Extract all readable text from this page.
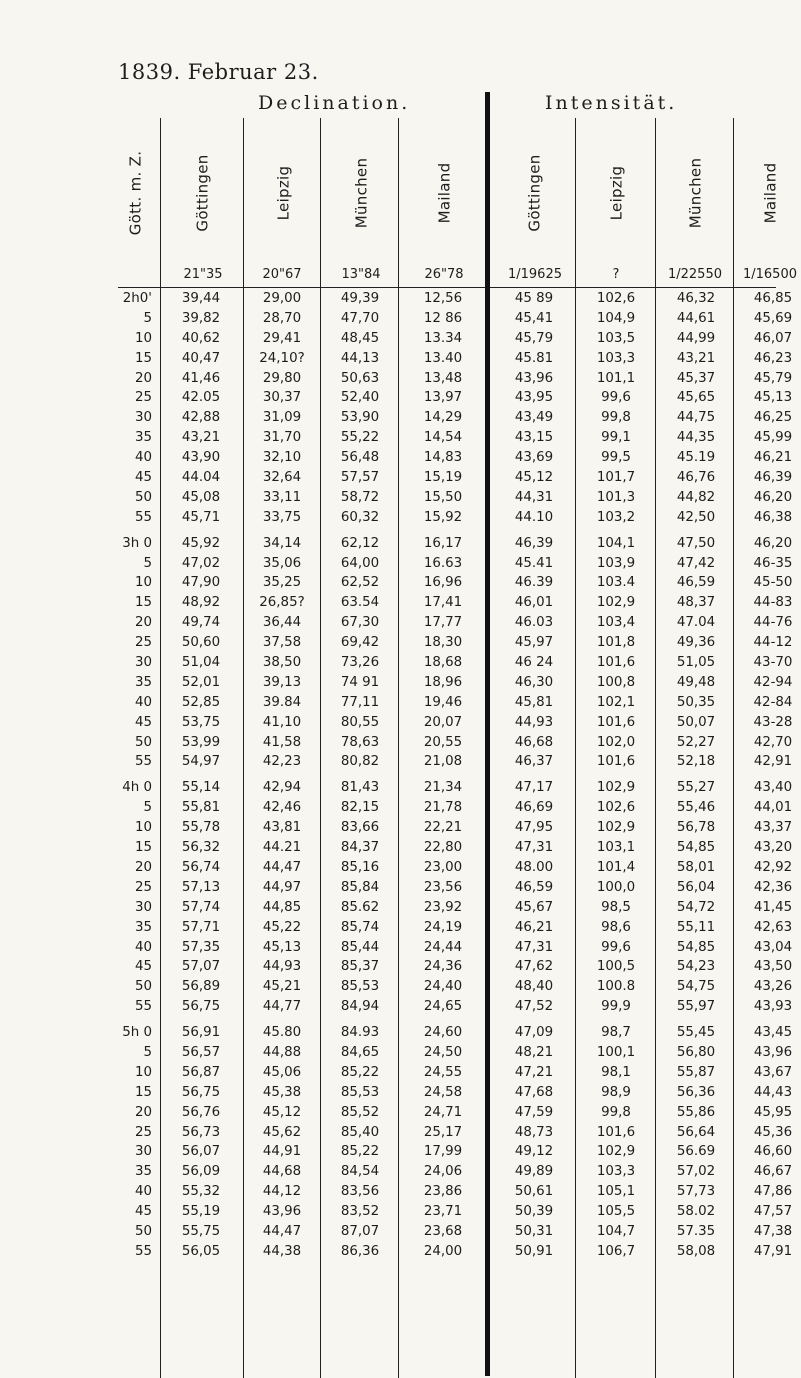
1839. Februar 23.
Declination.	Intensität.
Gött. m. Z.	Göttingen	Leipzig	München	Mailand	Göttingen	Leipzig	München	Mailand
21"35	20"67	13"84	26"78	1/19625	?	1/22550	1/16500
2h0'	39,44	29,00	49,39	12,56	45 89	102,6	46,32	46,85
5	39,82	28,70	47,70	12 86	45,41	104,9	44,61	45,69
10	40,62	29,41	48,45	13.34	45,79	103,5	44,99	46,07
15	40,47	24,10?	44,13	13.40	45.81	103,3	43,21	46,23
20	41,46	29,80	50,63	13,48	43,96	101,1	45,37	45,79
25	42.05	30,37	52,40	13,97	43,95	99,6	45,65	45,13
30	42,88	31,09	53,90	14,29	43,49	99,8	44,75	46,25
35	43,21	31,70	55,22	14,54	43,15	99,1	44,35	45,99
40	43,90	32,10	56,48	14,83	43,69	99,5	45.19	46,21
45	44.04	32,64	57,57	15,19	45,12	101,7	46,76	46,39
50	45,08	33,11	58,72	15,50	44,31	101,3	44,82	46,20
55	45,71	33,75	60,32	15,92	44.10	103,2	42,50	46,38
3h 0	45,92	34,14	62,12	16,17	46,39	104,1	47,50	46,20
5	47,02	35,06	64,00	16.63	45.41	103,9	47,42	46-35
10	47,90	35,25	62,52	16,96	46.39	103.4	46,59	45-50
15	48,92	26,85?	63.54	17,41	46,01	102,9	48,37	44-83
20	49,74	36,44	67,30	17,77	46.03	103,4	47.04	44-76
25	50,60	37,58	69,42	18,30	45,97	101,8	49,36	44-12
30	51,04	38,50	73,26	18,68	46 24	101,6	51,05	43-70
35	52,01	39,13	74 91	18,96	46,30	100,8	49,48	42-94
40	52,85	39.84	77,11	19,46	45,81	102,1	50,35	42-84
45	53,75	41,10	80,55	20,07	44,93	101,6	50,07	43-28
50	53,99	41,58	78,63	20,55	46,68	102,0	52,27	42,70
55	54,97	42,23	80,82	21,08	46,37	101,6	52,18	42,91
4h 0	55,14	42,94	81,43	21,34	47,17	102,9	55,27	43,40
5	55,81	42,46	82,15	21,78	46,69	102,6	55,46	44,01
10	55,78	43,81	83,66	22,21	47,95	102,9	56,78	43,37
15	56,32	44.21	84,37	22,80	47,31	103,1	54,85	43,20
20	56,74	44,47	85,16	23,00	48.00	101,4	58,01	42,92
25	57,13	44,97	85,84	23,56	46,59	100,0	56,04	42,36
30	57,74	44,85	85.62	23,92	45,67	98,5	54,72	41,45
35	57,71	45,22	85,74	24,19	46,21	98,6	55,11	42,63
40	57,35	45,13	85,44	24,44	47,31	99,6	54,85	43,04
45	57,07	44,93	85,37	24,36	47,62	100,5	54,23	43,50
50	56,89	45,21	85,53	24,40	48,40	100.8	54,75	43,26
55	56,75	44,77	84,94	24,65	47,52	99,9	55,97	43,93
5h 0	56,91	45.80	84.93	24,60	47,09	98,7	55,45	43,45
5	56,57	44,88	84,65	24,50	48,21	100,1	56,80	43,96
10	56,87	45,06	85,22	24,55	47,21	98,1	55,87	43,67
15	56,75	45,38	85,53	24,58	47,68	98,9	56,36	44,43
20	56,76	45,12	85,52	24,71	47,59	99,8	55,86	45,95
25	56,73	45,62	85,40	25,17	48,73	101,6	56,64	45,36
30	56,07	44,91	85,22	17,99	49,12	102,9	56.69	46,60
35	56,09	44,68	84,54	24,06	49,89	103,3	57,02	46,67
40	55,32	44,12	83,56	23,86	50,61	105,1	57,73	47,86
45	55,19	43,96	83,52	23,71	50,39	105,5	58.02	47,57
50	55,75	44,47	87,07	23,68	50,31	104,7	57.35	47,38
55	56,05	44,38	86,36	24,00	50,91	106,7	58,08	47,91
